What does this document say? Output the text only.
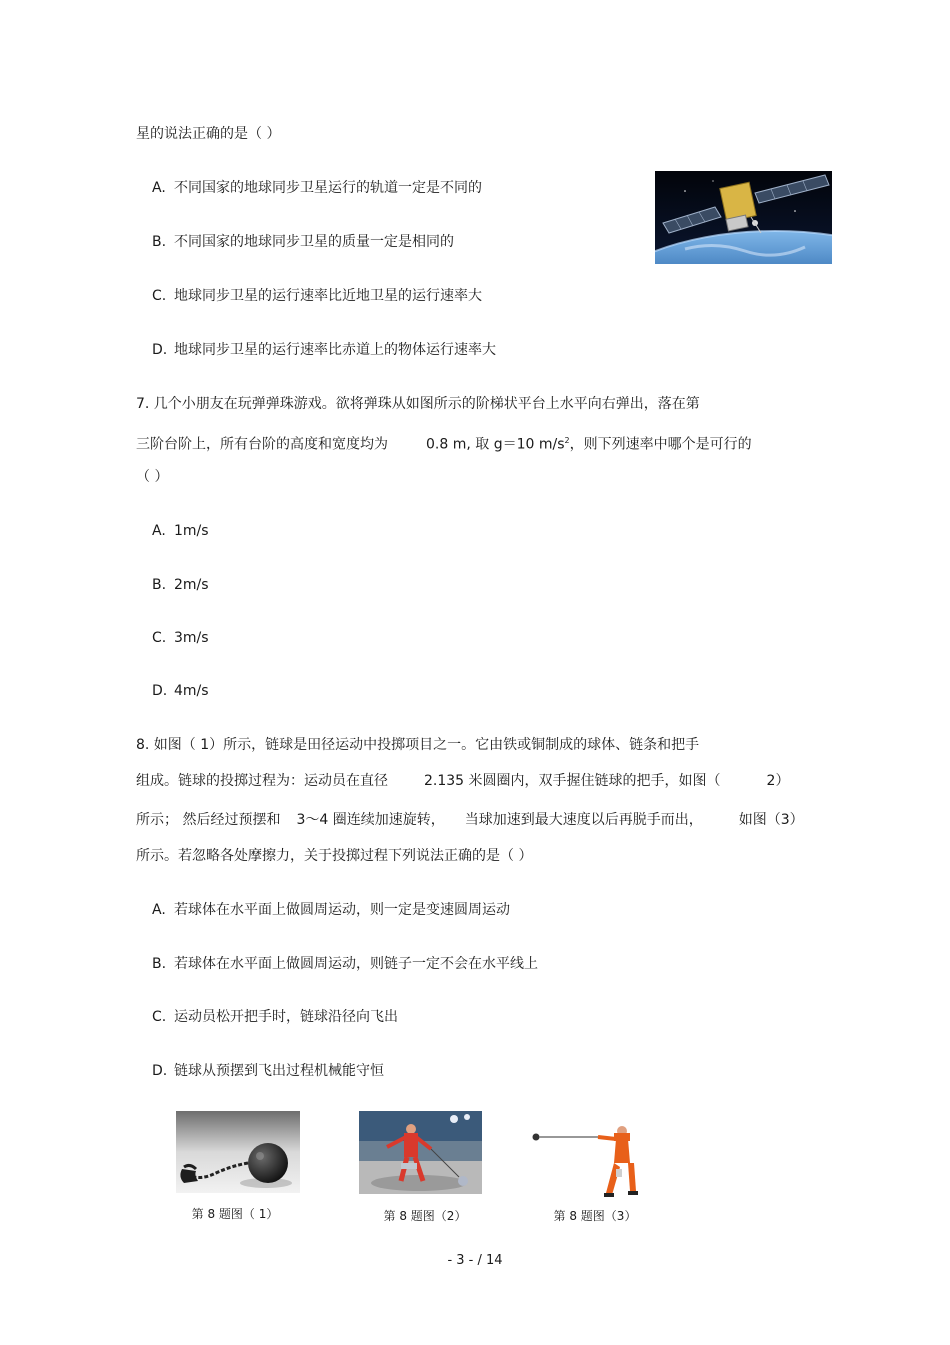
星的说法正确的是（ ）
A. 不同国家的地球同步卫星运行的轨道一定是不同的
B. 不同国家的地球同步卫星的质量一定是相同的
C. 地球同步卫星的运行速率比近地卫星的运行速率大
D. 地球同步卫星的运行速率比赤道上的物体运行速率大
7. 几个小朋友在玩弹弹珠游戏。欲将弹珠从如图所示的阶梯状平台上水平向右弹出，落在第
三阶台阶上，所有台阶的高度和宽度均为	0.8 m, 取 g＝10 $m/s^2$，则下列速率中哪个是可行的
（ ）
A. 1m/s
B. 2m/s
C. 3m/s
D. 4m/s
8. 如图（ 1）所示，链球是田径运动中投掷项目之一。它由铁或铜制成的球体、链条和把手
组成。链球的投掷过程为：运动员在直径	2.135 米圆圈内，双手握住链球的把手，如图（	2）
所示； 然后经过预摆和 3～4 圈连续加速旋转， 当球加速到最大速度以后再脱手而出，	如图（3）
所示。若忽略各处摩擦力，关于投掷过程下列说法正确的是（ ）
A. 若球体在水平面上做圆周运动，则一定是变速圆周运动
B. 若球体在水平面上做圆周运动，则链子一定不会在水平线上
C. 运动员松开把手时，链球沿径向飞出
D. 链球从预摆到飞出过程机械能守恒
第 8 题图（ 1）	第 8 题图（2）	第 8 题图（3）
- 3 - / 14
